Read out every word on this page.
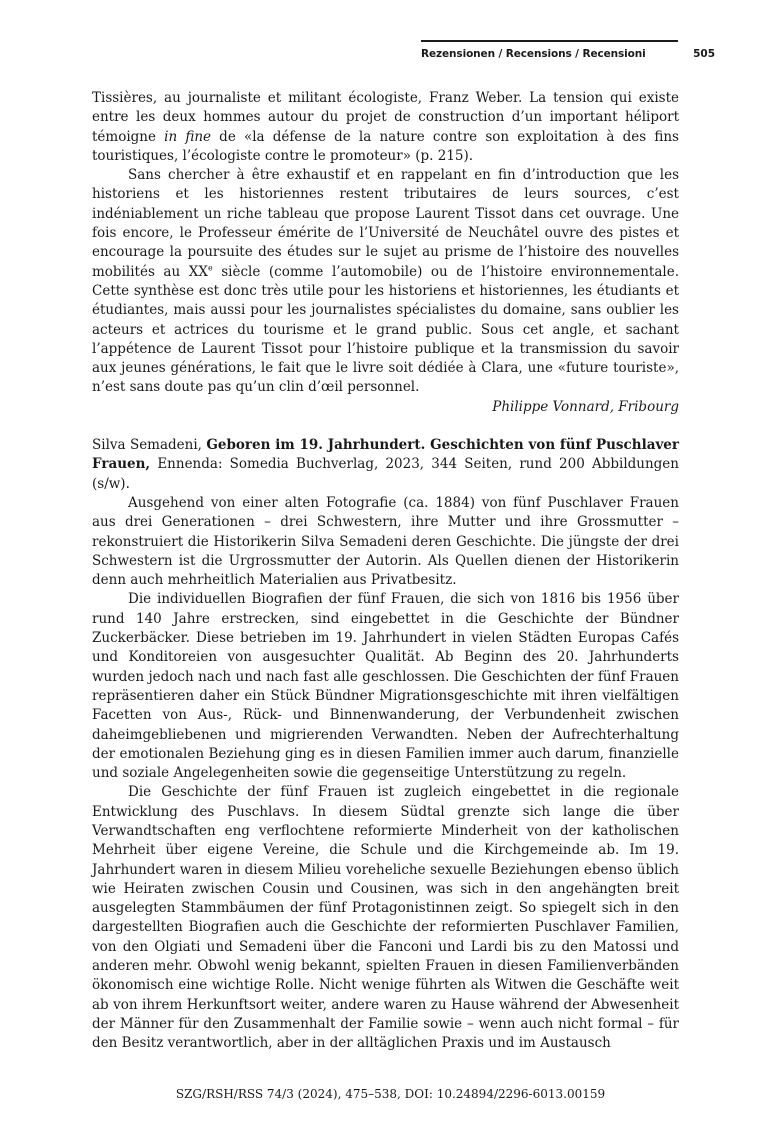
Rezensionen / Recensions / Recensioni	505

Tissières, au journaliste et militant écologiste, Franz Weber. La tension qui existe entre les deux hommes autour du projet de construction d’un important héliport témoigne in fine de «la défense de la nature contre son exploitation à des fins touristiques, l’écologiste contre le promoteur» (p. 215).

Sans chercher à être exhaustif et en rappelant en fin d’introduction que les historiens et les historiennes restent tributaires de leurs sources, c’est indéniablement un riche tableau que propose Laurent Tissot dans cet ouvrage. Une fois encore, le Professeur émérite de l’Université de Neuchâtel ouvre des pistes et encourage la poursuite des études sur le sujet au prisme de l’histoire des nouvelles mobilités au XXe siècle (comme l’automobile) ou de l’histoire environnementale. Cette synthèse est donc très utile pour les historiens et historiennes, les étudiants et étudiantes, mais aussi pour les journalistes spécialistes du domaine, sans oublier les acteurs et actrices du tourisme et le grand public. Sous cet angle, et sachant l’appétence de Laurent Tissot pour l’histoire publique et la transmission du savoir aux jeunes générations, le fait que le livre soit dédiée à Clara, une «future touriste», n’est sans doute pas qu’un clin d’œil personnel.

Philippe Vonnard, Fribourg

Silva Semadeni, Geboren im 19. Jahrhundert. Geschichten von fünf Puschlaver Frauen, Ennenda: Somedia Buchverlag, 2023, 344 Seiten, rund 200 Abbildungen (s/w).

Ausgehend von einer alten Fotografie (ca. 1884) von fünf Puschlaver Frauen aus drei Generationen – drei Schwestern, ihre Mutter und ihre Grossmutter – rekonstruiert die Historikerin Silva Semadeni deren Geschichte. Die jüngste der drei Schwestern ist die Urgrossmutter der Autorin. Als Quellen dienen der Historikerin denn auch mehrheitlich Materialien aus Privatbesitz.

Die individuellen Biografien der fünf Frauen, die sich von 1816 bis 1956 über rund 140 Jahre erstrecken, sind eingebettet in die Geschichte der Bündner Zuckerbäcker. Diese betrieben im 19. Jahrhundert in vielen Städten Europas Cafés und Konditoreien von ausgesuchter Qualität. Ab Beginn des 20. Jahrhunderts wurden jedoch nach und nach fast alle geschlossen. Die Geschichten der fünf Frauen repräsentieren daher ein Stück Bündner Migrationsgeschichte mit ihren vielfältigen Facetten von Aus-, Rück- und Binnenwanderung, der Verbundenheit zwischen daheimgebliebenen und migrierenden Verwandten. Neben der Aufrechterhaltung der emotionalen Beziehung ging es in diesen Familien immer auch darum, finanzielle und soziale Angelegenheiten sowie die gegenseitige Unterstützung zu regeln.

Die Geschichte der fünf Frauen ist zugleich eingebettet in die regionale Entwicklung des Puschlavs. In diesem Südtal grenzte sich lange die über Verwandtschaften eng verflochtene reformierte Minderheit von der katholischen Mehrheit über eigene Vereine, die Schule und die Kirchgemeinde ab. Im 19. Jahrhundert waren in diesem Milieu voreheliche sexuelle Beziehungen ebenso üblich wie Heiraten zwischen Cousin und Cousinen, was sich in den angehängten breit ausgelegten Stammbäumen der fünf Protagonistinnen zeigt. So spiegelt sich in den dargestellten Biografien auch die Geschichte der reformierten Puschlaver Familien, von den Olgiati und Semadeni über die Fanconi und Lardi bis zu den Matossi und anderen mehr. Obwohl wenig bekannt, spielten Frauen in diesen Familienverbänden ökonomisch eine wichtige Rolle. Nicht wenige führten als Witwen die Geschäfte weit ab von ihrem Herkunftsort weiter, andere waren zu Hause während der Abwesenheit der Männer für den Zusammenhalt der Familie sowie – wenn auch nicht formal – für den Besitz verantwortlich, aber in der alltäglichen Praxis und im Austausch

SZG/RSH/RSS 74/3 (2024), 475–538, DOI: 10.24894/2296-6013.00159
